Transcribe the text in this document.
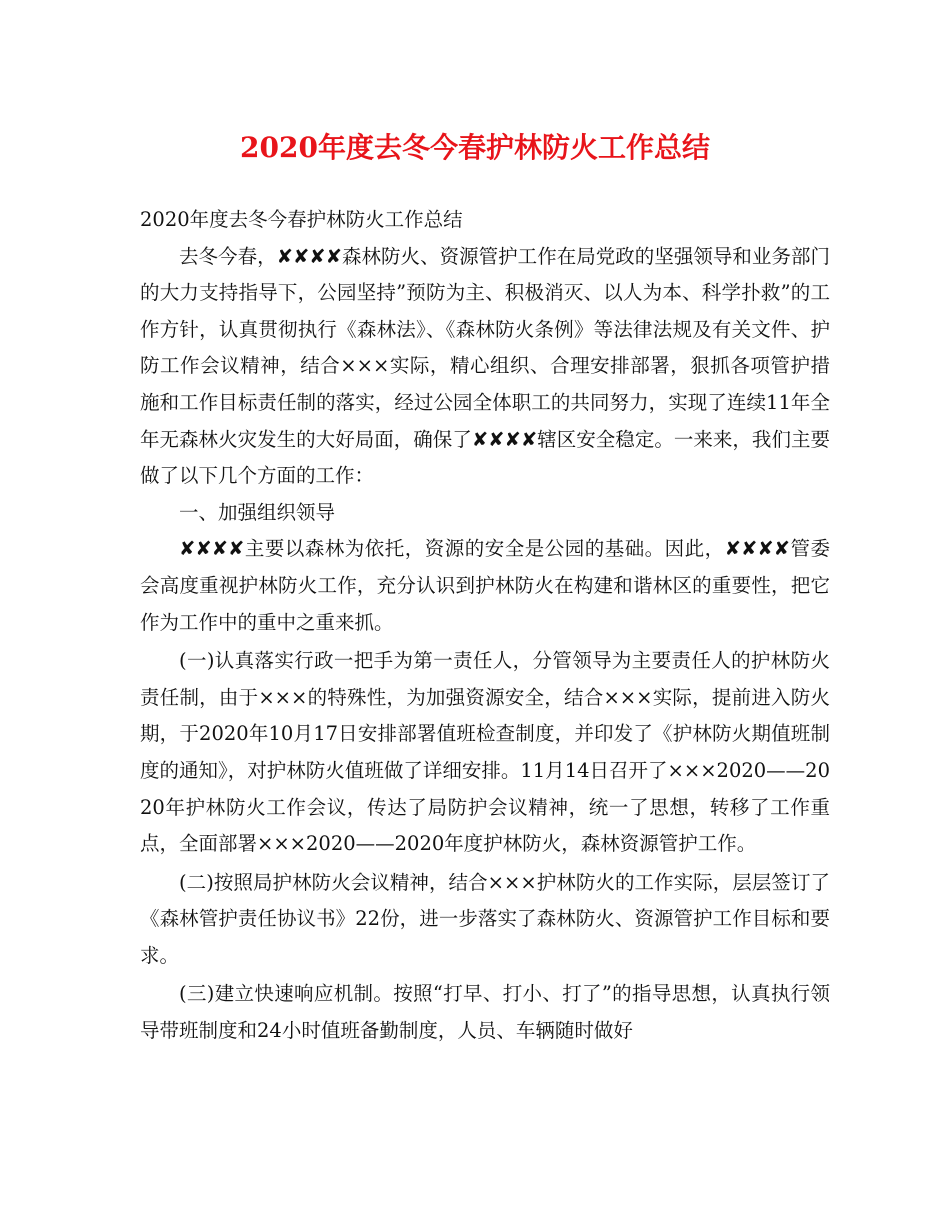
2020年度去冬今春护林防火工作总结

2020年度去冬今春护林防火工作总结

去冬今春，✘✘✘✘森林防火、资源管护工作在局党政的坚强领导和业务部门的大力支持指导下，公园坚持”预防为主、积极消灭、以人为本、科学扑救”的工作方针，认真贯彻执行《森林法》、《森林防火条例》等法律法规及有关文件、护防工作会议精神，结合×××实际，精心组织、合理安排部署，狠抓各项管护措施和工作目标责任制的落实，经过公园全体职工的共同努力，实现了连续11年全年无森林火灾发生的大好局面，确保了✘✘✘✘辖区安全稳定。一来来，我们主要做了以下几个方面的工作：

一、加强组织领导

✘✘✘✘主要以森林为依托，资源的安全是公园的基础。因此，✘✘✘✘管委会高度重视护林防火工作，充分认识到护林防火在构建和谐林区的重要性，把它作为工作中的重中之重来抓。

(一)认真落实行政一把手为第一责任人，分管领导为主要责任人的护林防火责任制，由于×××的特殊性，为加强资源安全，结合×××实际，提前进入防火期，于2020年10月17日安排部署值班检查制度，并印发了《护林防火期值班制度的通知》，对护林防火值班做了详细安排。11月14日召开了×××2020——2020年护林防火工作会议，传达了局防护会议精神，统一了思想，转移了工作重点，全面部署×××2020——2020年度护林防火，森林资源管护工作。

(二)按照局护林防火会议精神，结合×××护林防火的工作实际，层层签订了《森林管护责任协议书》22份，进一步落实了森林防火、资源管护工作目标和要求。

(三)建立快速响应机制。按照“打早、打小、打了”的指导思想，认真执行领导带班制度和24小时值班备勤制度，人员、车辆随时做好
